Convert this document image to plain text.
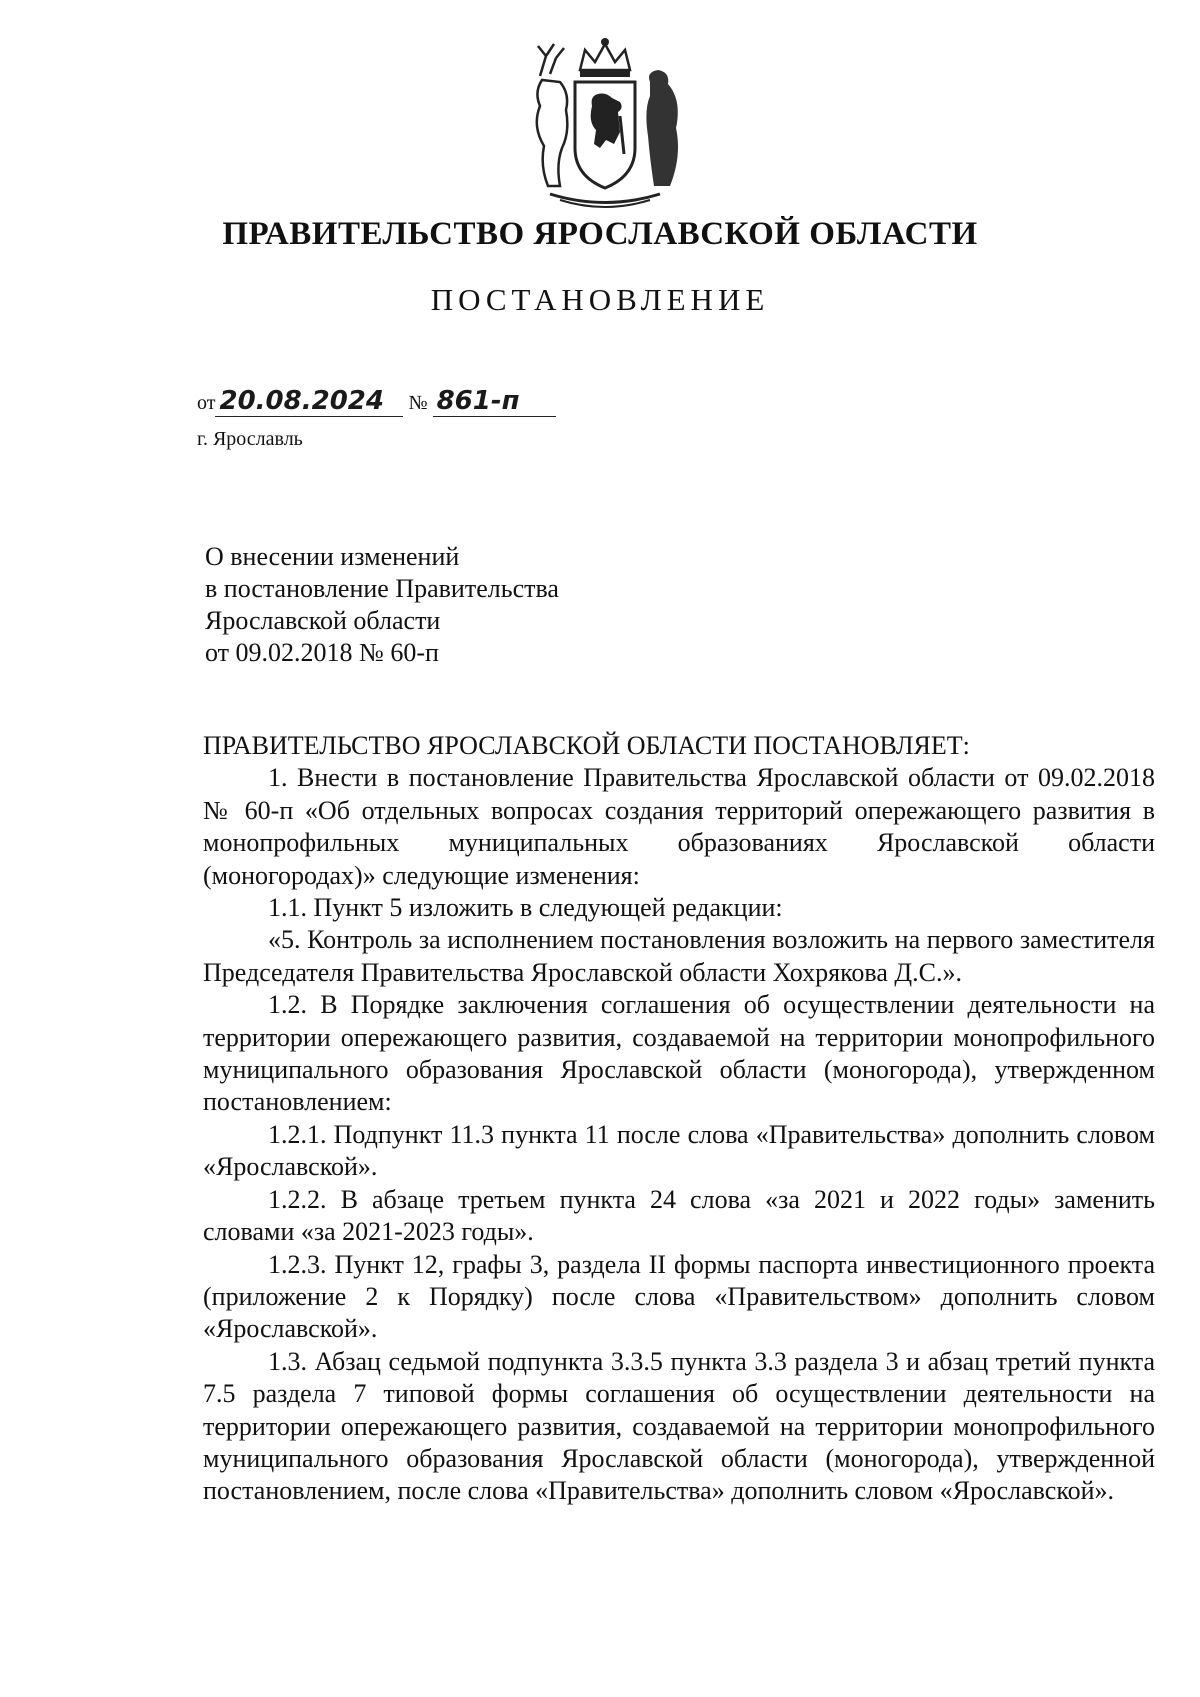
ПРАВИТЕЛЬСТВО ЯРОСЛАВСКОЙ ОБЛАСТИ
ПОСТАНОВЛЕНИЕ
от 20.08.2024 № 861-п
г. Ярославль
О внесении изменений
в постановление Правительства
Ярославской области
от 09.02.2018 № 60-п

ПРАВИТЕЛЬСТВО ЯРОСЛАВСКОЙ ОБЛАСТИ ПОСТАНОВЛЯЕТ:

1. Внести в постановление Правительства Ярославской области от 09.02.2018 № 60-п «Об отдельных вопросах создания территорий опережающего развития в монопрофильных муниципальных образованиях Ярославской области (моногородах)» следующие изменения:

1.1. Пункт 5 изложить в следующей редакции:

«5. Контроль за исполнением постановления возложить на первого заместителя Председателя Правительства Ярославской области Хохрякова Д.С.».

1.2. В Порядке заключения соглашения об осуществлении деятельности на территории опережающего развития, создаваемой на территории монопрофильного муниципального образования Ярославской области (моногорода), утвержденном постановлением:

1.2.1. Подпункт 11.3 пункта 11 после слова «Правительства» дополнить словом «Ярославской».

1.2.2. В абзаце третьем пункта 24 слова «за 2021 и 2022 годы» заменить словами «за 2021-2023 годы».

1.2.3. Пункт 12, графы 3, раздела II формы паспорта инвестиционного проекта (приложение 2 к Порядку) после слова «Правительством» дополнить словом «Ярославской».

1.3. Абзац седьмой подпункта 3.3.5 пункта 3.3 раздела 3 и абзац третий пункта 7.5 раздела 7 типовой формы соглашения об осуществлении деятельности на территории опережающего развития, создаваемой на территории монопрофильного муниципального образования Ярославской области (моногорода), утвержденной постановлением, после слова «Правительства» дополнить словом «Ярославской».
